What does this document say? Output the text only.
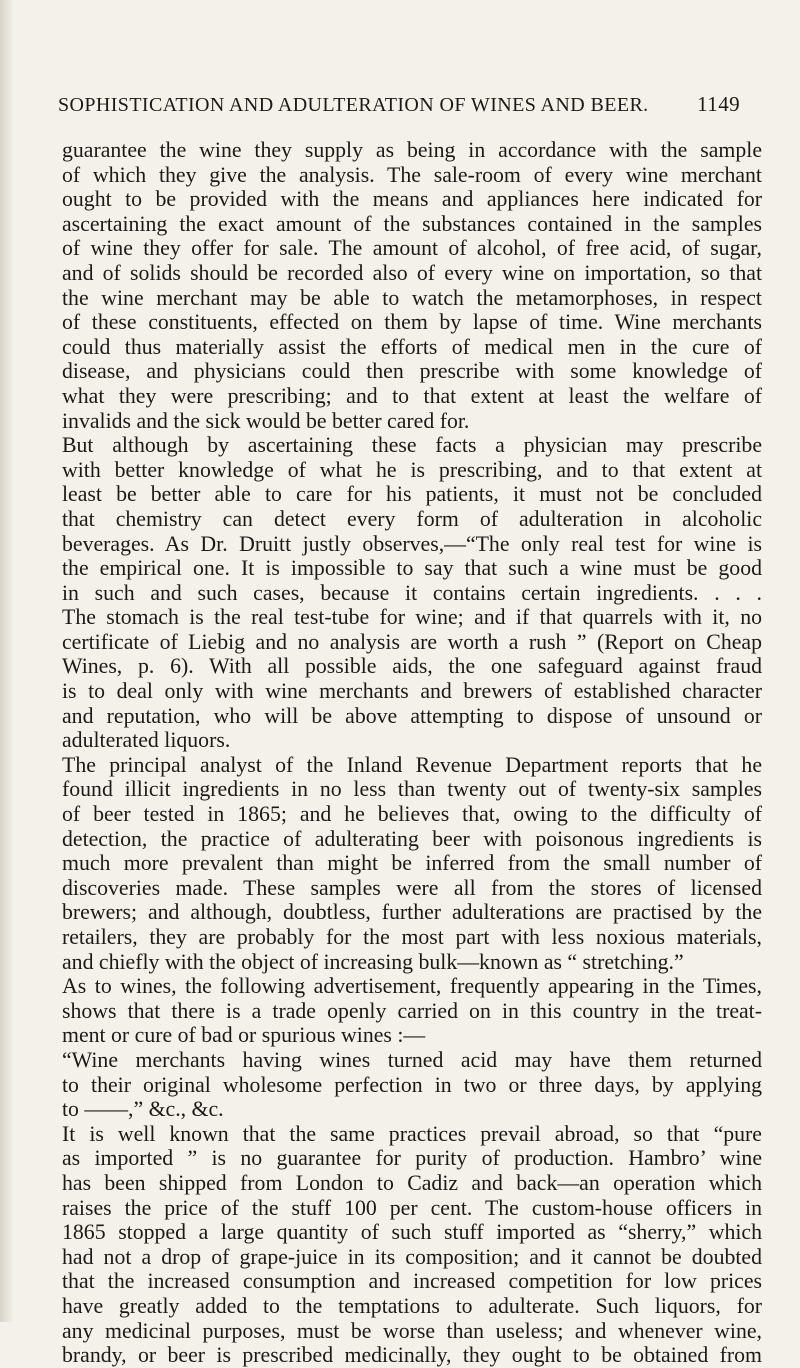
SOPHISTICATION AND ADULTERATION OF WINES AND BEER. 1149
guarantee the wine they supply as being in accordance with the sample
of which they give the analysis. The sale-room of every wine merchant
ought to be provided with the means and appliances here indicated for
ascertaining the exact amount of the substances contained in the samples
of wine they offer for sale. The amount of alcohol, of free acid, of sugar,
and of solids should be recorded also of every wine on importation, so that
the wine merchant may be able to watch the metamorphoses, in respect
of these constituents, effected on them by lapse of time. Wine merchants
could thus materially assist the efforts of medical men in the cure of
disease, and physicians could then prescribe with some knowledge of
what they were prescribing; and to that extent at least the welfare of
invalids and the sick would be better cared for.
But although by ascertaining these facts a physician may prescribe
with better knowledge of what he is prescribing, and to that extent at
least be better able to care for his patients, it must not be concluded
that chemistry can detect every form of adulteration in alcoholic
beverages. As Dr. Druitt justly observes,—“The only real test for wine is
the empirical one. It is impossible to say that such a wine must be good
in such and such cases, because it contains certain ingredients. . . .
The stomach is the real test-tube for wine; and if that quarrels with it, no
certificate of Liebig and no analysis are worth a rush ” (Report on Cheap
Wines, p. 6). With all possible aids, the one safeguard against fraud
is to deal only with wine merchants and brewers of established character
and reputation, who will be above attempting to dispose of unsound or
adulterated liquors.
The principal analyst of the Inland Revenue Department reports that he
found illicit ingredients in no less than twenty out of twenty-six samples
of beer tested in 1865; and he believes that, owing to the difficulty of
detection, the practice of adulterating beer with poisonous ingredients is
much more prevalent than might be inferred from the small number of
discoveries made. These samples were all from the stores of licensed
brewers; and although, doubtless, further adulterations are practised by the
retailers, they are probably for the most part with less noxious materials,
and chiefly with the object of increasing bulk—known as “ stretching.”
As to wines, the following advertisement, frequently appearing in the Times,
shows that there is a trade openly carried on in this country in the treat-
ment or cure of bad or spurious wines :—
“Wine merchants having wines turned acid may have them returned
to their original wholesome perfection in two or three days, by applying
to ——,” &c., &c.
It is well known that the same practices prevail abroad, so that “pure
as imported ” is no guarantee for purity of production. Hambro’ wine
has been shipped from London to Cadiz and back—an operation which
raises the price of the stuff 100 per cent. The custom-house officers in
1865 stopped a large quantity of such stuff imported as “sherry,” which
had not a drop of grape-juice in its composition; and it cannot be doubted
that the increased consumption and increased competition for low prices
have greatly added to the temptations to adulterate. Such liquors, for
any medicinal purposes, must be worse than useless; and whenever wine,
brandy, or beer is prescribed medicinally, they ought to be obtained from
